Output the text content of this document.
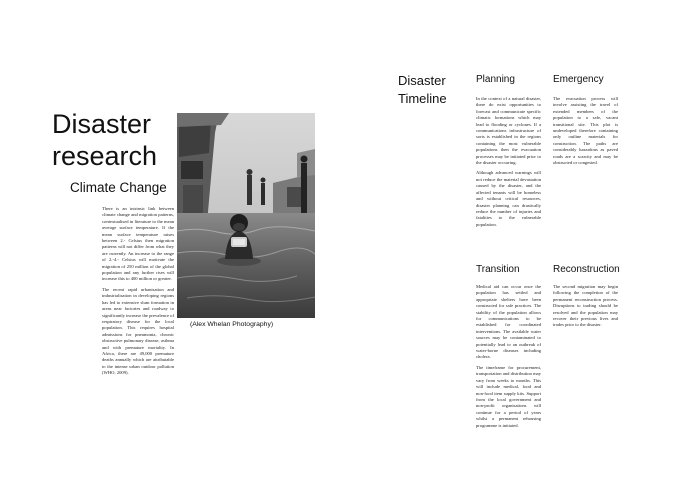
Disaster research
Climate Change

There is an intrinsic link between climate change and migration patterns, contextualised in literature to the mean average surface temperature. If the mean surface temperature raises between 2.- Celsius then migration patterns will not differ from what they are currently. An increase to the range of 2.-4.- Celsius will motivate the migration of 250 million of the global population and any further rises will increase this to 400 million or greater.

The recent rapid urbanisation and industrialisation in developing regions has led to extensive slum formation in areas near factories and roadway to significantly increase the prevalence of respiratory disease for the local population. This requires hospital admissions for pneumonia, chronic obstructive pulmonary disease, asthma and with premature mortality. In Africa, there are 49,000 premature deaths annually which are attributable to the intense urban outdoor pollution (WHO, 2009).

(Alex Whelan Photography)
Disaster Timeline
Planning	Emergency
Transition	Reconstruction

In the context of a natural disaster, there do exist opportunities to forecast and communicate specific climatic formations which may lead to flooding or cyclones. If a communications infrastructure of sorts is established in the regions containing the most vulnerable populations then the evacuation processes may be initiated prior to the disaster occurring.

Although advanced warnings will not reduce the material devastation caused by the disaster, and the affected tenants will be homeless and without critical resources, disaster planning can drastically reduce the number of injuries and fatalities to the vulnerable population.

The evacuation process will involve assisting the travel of extended members of the population to a safe, vacant transitional site. This plot is undeveloped therefore containing only outline materials for construction. The paths are considerably hazardous as paved roads are a scarcity and may be obstructed or congested.

Medical aid can occur once the population has settled and appropriate shelters have been constructed for safe practices. The stability of the population allows for communications to be established for coordinated interventions. The available water sources may be contaminated to potentially lead to an outbreak of water-borne diseases including cholera.

The timeframe for procurement, transportation and distribution may vary from weeks to months. This will include medical, food and non-food item supply kits. Support from the local government and non-profit organisations will continue for a period of years whilst a permanent rehousing programme is initiated.

The second migration may begin following the completion of the permanent reconstruction process. Disruptions to trading should be resolved and the population may recover their previous lives and trades prior to the disaster.
